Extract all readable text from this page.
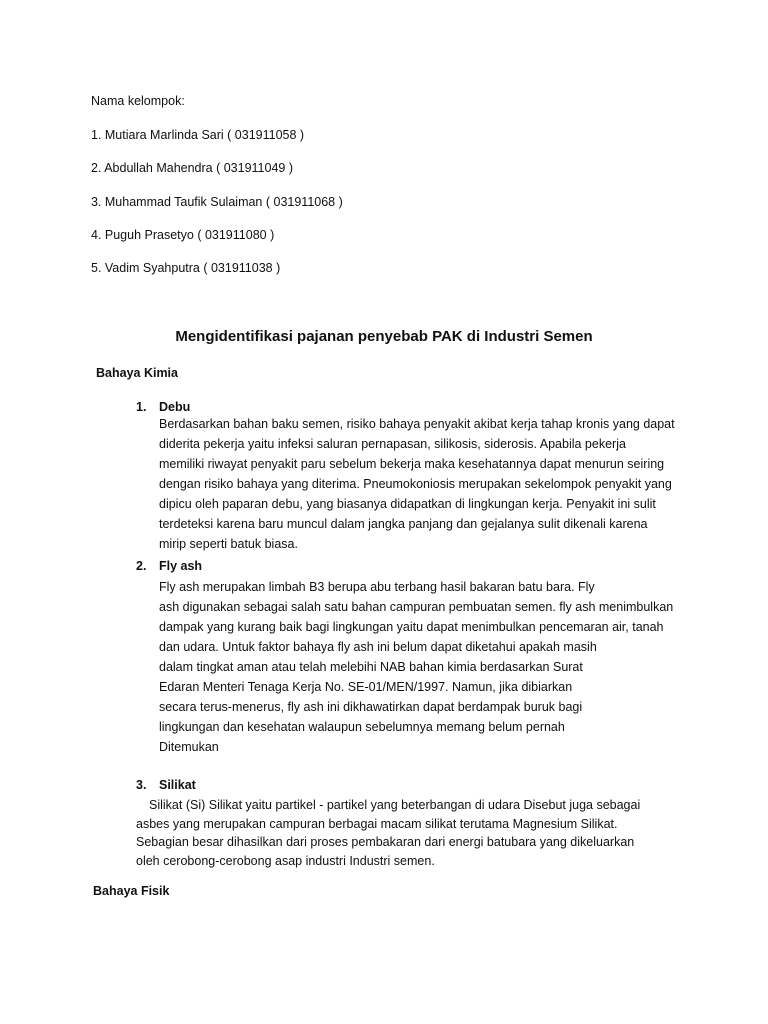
Nama kelompok:
1. Mutiara Marlinda Sari ( 031911058 )
2. Abdullah Mahendra ( 031911049 )
3. Muhammad Taufik Sulaiman ( 031911068 )
4. Puguh Prasetyo ( 031911080 )
5. Vadim Syahputra ( 031911038 )
Mengidentifikasi pajanan penyebab PAK di Industri Semen
Bahaya Kimia
1. Debu
Berdasarkan bahan baku semen, risiko bahaya penyakit akibat kerja tahap kronis yang dapat
diderita pekerja yaitu infeksi saluran pernapasan, silikosis, siderosis. Apabila pekerja
memiliki riwayat penyakit paru sebelum bekerja maka kesehatannya dapat menurun seiring
dengan risiko bahaya yang diterima. Pneumokoniosis merupakan sekelompok penyakit yang
dipicu oleh paparan debu, yang biasanya didapatkan di lingkungan kerja. Penyakit ini sulit
terdeteksi karena baru muncul dalam jangka panjang dan gejalanya sulit dikenali karena
mirip seperti batuk biasa.
2. Fly ash
Fly ash merupakan limbah B3 berupa abu terbang hasil bakaran batu bara. Fly
ash digunakan sebagai salah satu bahan campuran pembuatan semen. fly ash menimbulkan
dampak yang kurang baik bagi lingkungan yaitu dapat menimbulkan pencemaran air, tanah
dan udara. Untuk faktor bahaya fly ash ini belum dapat diketahui apakah masih
dalam tingkat aman atau telah melebihi NAB bahan kimia berdasarkan Surat
Edaran Menteri Tenaga Kerja No. SE-01/MEN/1997. Namun, jika dibiarkan
secara terus-menerus, fly ash ini dikhawatirkan dapat berdampak buruk bagi
lingkungan dan kesehatan walaupun sebelumnya memang belum pernah
Ditemukan
3. Silikat
Silikat (Si) Silikat yaitu partikel - partikel yang beterbangan di udara Disebut juga sebagai
asbes yang merupakan campuran berbagai macam silikat terutama Magnesium Silikat.
Sebagian besar dihasilkan dari proses pembakaran dari energi batubara yang dikeluarkan
oleh cerobong-cerobong asap industri Industri semen.
Bahaya Fisik
